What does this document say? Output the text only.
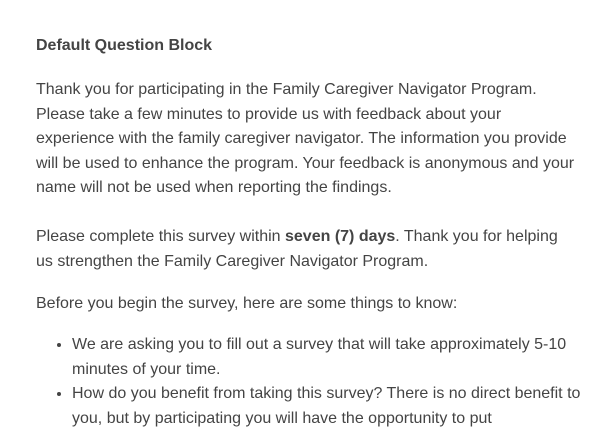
Default Question Block

Thank you for participating in the Family Caregiver Navigator Program. Please take a few minutes to provide us with feedback about your experience with the family caregiver navigator. The information you provide will be used to enhance the program. Your feedback is anonymous and your name will not be used when reporting the findings.

Please complete this survey within seven (7) days. Thank you for helping us strengthen the Family Caregiver Navigator Program.

Before you begin the survey, here are some things to know:

• We are asking you to fill out a survey that will take approximately 5-10 minutes of your time.
• How do you benefit from taking this survey? There is no direct benefit to you, but by participating you will have the opportunity to put
